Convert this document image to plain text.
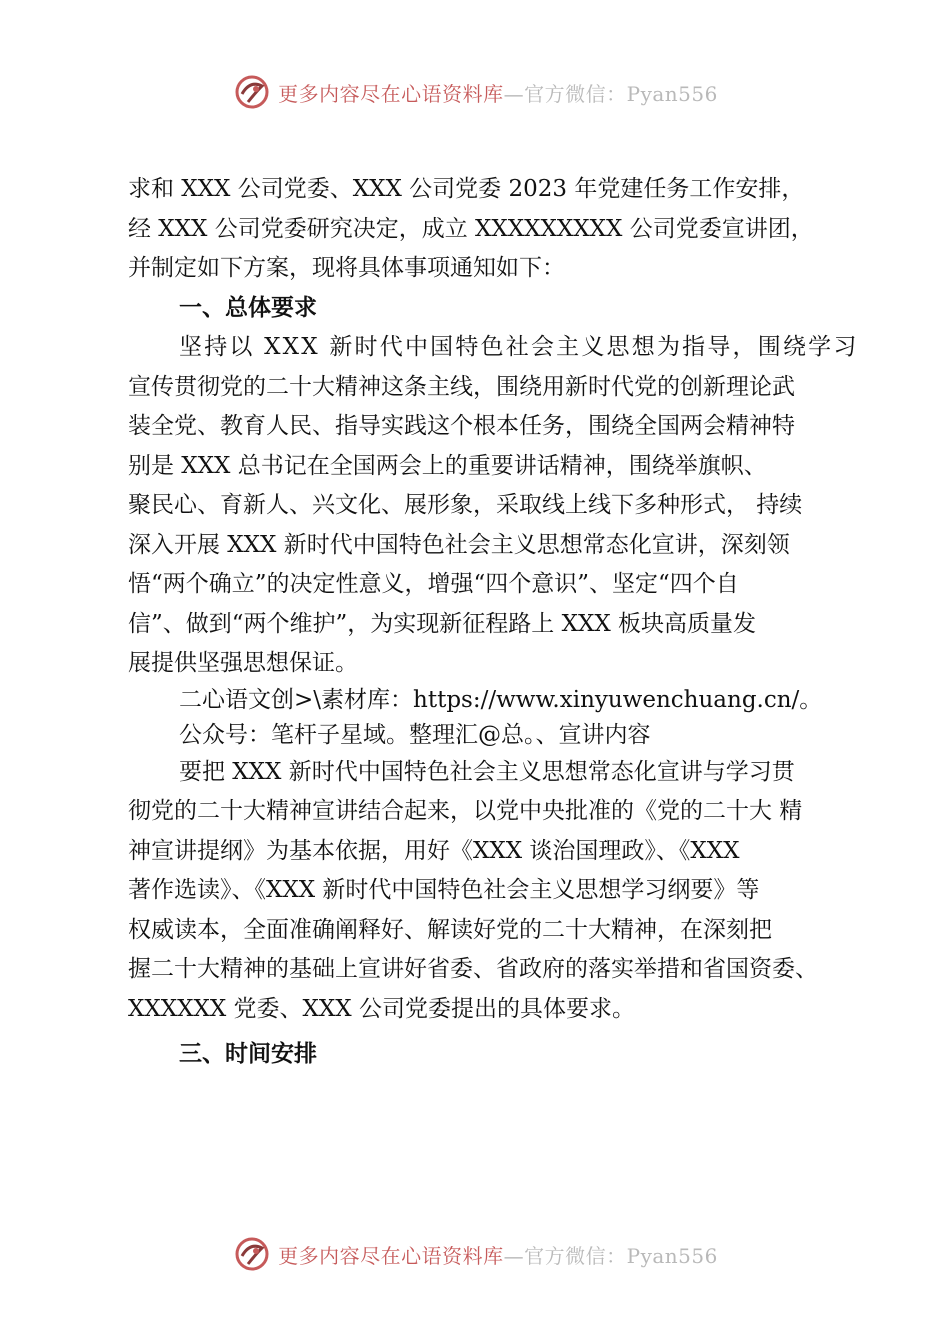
更多内容尽在心语资料库—官方微信：Pyan556
求和 XXX 公司党委、XXX 公司党委 2023 年党建任务工作安排，
经 XXX 公司党委研究决定，成立 XXXXXXXXX 公司党委宣讲团，
并制定如下方案，现将具体事项通知如下：
一、总体要求
坚持以 XXX 新时代中国特色社会主义思想为指导，围绕学习
宣传贯彻党的二十大精神这条主线，围绕用新时代党的创新理论武
装全党、教育人民、指导实践这个根本任务，围绕全国两会精神特
别是 XXX 总书记在全国两会上的重要讲话精神，围绕举旗帜、
聚民心、育新人、兴文化、展形象，采取线上线下多种形式， 持续
深入开展 XXX 新时代中国特色社会主义思想常态化宣讲，深刻领
悟“两个确立”的决定性意义，增强“四个意识”、坚定“四个自
信”、做到“两个维护”，为实现新征程路上 XXX 板块高质量发
展提供坚强思想保证。
二心语文创>\素材库：https://www.xinyuwenchuang.cn/。
公众号：笔杆子星域。整理汇@总。、宣讲内容
要把 XXX 新时代中国特色社会主义思想常态化宣讲与学习贯
彻党的二十大精神宣讲结合起来，以党中央批准的《党的二十大 精
神宣讲提纲》为基本依据，用好《XXX 谈治国理政》、《XXX
著作选读》、《XXX 新时代中国特色社会主义思想学习纲要》等
权威读本，全面准确阐释好、解读好党的二十大精神，在深刻把
握二十大精神的基础上宣讲好省委、省政府的落实举措和省国资委、
XXXXXX 党委、XXX 公司党委提出的具体要求。
三、时间安排
更多内容尽在心语资料库—官方微信：Pyan556
